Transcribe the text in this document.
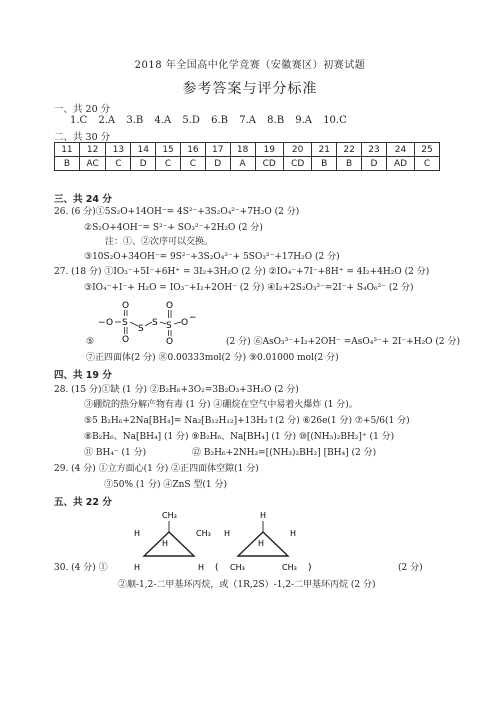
2018 年全国高中化学竞赛（安徽赛区）初赛试题
参考答案与评分标准
一、共 20 分
1.C 2.A 3.B 4.A 5.D 6.B 7.A 8.B 9.A 10.C
二、共 30 分
11	12	13	14	15	16	17	18	19	20	21	22	23	24	25
B	AC	C	D	C	C	D	A	CD	CD	B	B	D	AD	C
三、共 24 分
26. (6 分)①5S₂O+14OH⁻= 4S²⁻+3S₂O₄²⁻+7H₂O (2 分)
②S₂O+4OH⁻= S²⁻+ SO₃²⁻+2H₂O (2 分)
注：①、②次序可以交换。
③10S₂O+34OH⁻= 9S²⁻+3S₂O₄²⁻+ 5SO₃²⁻+17H₂O (2 分)
27. (18 分) ①IO₃⁻+5I⁻+6H⁺ = 3I₂+3H₂O (2 分) ②IO₄⁻+7I⁻+8H⁺ = 4I₂+4H₂O (2 分)
③IO₄⁻+I⁻+ H₂O = IO₃⁻+I₂+2OH⁻ (2 分) ④I₂+2S₂O₃²⁻=2I⁻+ S₄O₆²⁻ (2 分)
− O S
O
O
S
S S
O
O
O −
⑤	(2 分) ⑥AsO₃³⁻+I₂+2OH⁻ =AsO₄³⁻+ 2I⁻+H₂O (2 分)
⑦正四面体(2 分) ⑧0.00333mol(2 分) ⑨0.01000 mol(2 分)
四、共 19 分
28. (15 分)①缺 (1 分) ②B₂H₆+3O₂=3B₂O₃+3H₂O (2 分)
③硼烷的热分解产物有毒 (1 分) ④硼烷在空气中易着火爆炸 (1 分)。
⑤5 B₂H₆+2Na[BH₄]= Na₂[B₁₂H₁₂]+13H₂↑(2 分) ⑥26e(1 分) ⑦+5/6(1 分)
⑧B₂H₆、Na[BH₄] (1 分) ⑨B₂H₆、Na[BH₄] (1 分) ⑩[(NH₃)₂BH₂]⁺ (1 分)
⑪ BH₄⁻ (1 分)	⑫ B₂H₆+2NH₃=[(NH₃)₂BH₂] [BH₄] (2 分)
29. (4 分) ①立方面心(1 分) ②正四面体空隙(1 分)
③50% (1 分) ④ZnS 型(1 分)
五、共 22 分
CH₃
H	CH₃
H
H	H
H
H	H
H
CH₃	CH₃
(	)
30. (4 分) ①	(2 分)
②顺-1,2-二甲基环丙烷，或（1R,2S）-1,2-二甲基环丙烷 (2 分)
